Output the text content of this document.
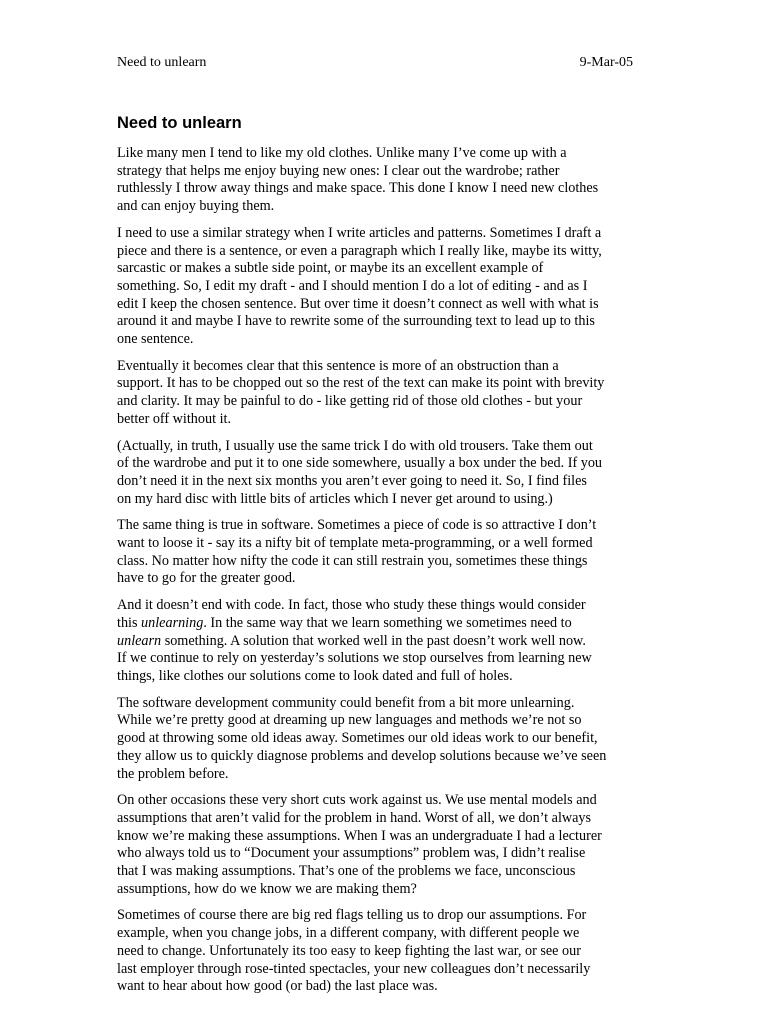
Need to unlearn	9-Mar-05
Need to unlearn

Like many men I tend to like my old clothes. Unlike many I’ve come up with a
strategy that helps me enjoy buying new ones: I clear out the wardrobe; rather
ruthlessly I throw away things and make space. This done I know I need new clothes
and can enjoy buying them.

I need to use a similar strategy when I write articles and patterns. Sometimes I draft a
piece and there is a sentence, or even a paragraph which I really like, maybe its witty,
sarcastic or makes a subtle side point, or maybe its an excellent example of
something. So, I edit my draft - and I should mention I do a lot of editing - and as I
edit I keep the chosen sentence. But over time it doesn’t connect as well with what is
around it and maybe I have to rewrite some of the surrounding text to lead up to this
one sentence.

Eventually it becomes clear that this sentence is more of an obstruction than a
support. It has to be chopped out so the rest of the text can make its point with brevity
and clarity. It may be painful to do - like getting rid of those old clothes - but your
better off without it.

(Actually, in truth, I usually use the same trick I do with old trousers. Take them out
of the wardrobe and put it to one side somewhere, usually a box under the bed. If you
don’t need it in the next six months you aren’t ever going to need it. So, I find files
on my hard disc with little bits of articles which I never get around to using.)

The same thing is true in software. Sometimes a piece of code is so attractive I don’t
want to loose it - say its a nifty bit of template meta-programming, or a well formed
class. No matter how nifty the code it can still restrain you, sometimes these things
have to go for the greater good.

And it doesn’t end with code. In fact, those who study these things would consider
this unlearning. In the same way that we learn something we sometimes need to
unlearn something. A solution that worked well in the past doesn’t work well now.
If we continue to rely on yesterday’s solutions we stop ourselves from learning new
things, like clothes our solutions come to look dated and full of holes.

The software development community could benefit from a bit more unlearning.
While we’re pretty good at dreaming up new languages and methods we’re not so
good at throwing some old ideas away. Sometimes our old ideas work to our benefit,
they allow us to quickly diagnose problems and develop solutions because we’ve seen
the problem before.

On other occasions these very short cuts work against us. We use mental models and
assumptions that aren’t valid for the problem in hand. Worst of all, we don’t always
know we’re making these assumptions. When I was an undergraduate I had a lecturer
who always told us to “Document your assumptions” problem was, I didn’t realise
that I was making assumptions. That’s one of the problems we face, unconscious
assumptions, how do we know we are making them?

Sometimes of course there are big red flags telling us to drop our assumptions. For
example, when you change jobs, in a different company, with different people we
need to change. Unfortunately its too easy to keep fighting the last war, or see our
last employer through rose-tinted spectacles, your new colleagues don’t necessarily
want to hear about how good (or bad) the last place was.
